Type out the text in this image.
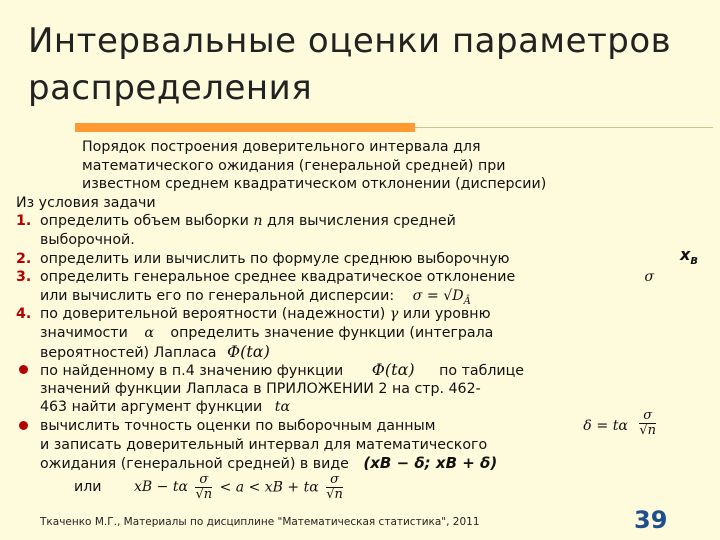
Интервальные оценки параметров
распределения
Порядок построения доверительного интервала для
математического ожидания (генеральной средней) при
известном среднем квадратическом отклонении (дисперсии)
Из условия задачи
1. определить объем выборки n для вычисления средней
выборочной.
2. определить или вычислить по формуле среднюю выборочную	$x_B$
3. определить генеральное среднее квадратическое отклонение	σ
или вычислить его по генеральной дисперсии: $\sigma = √D_Â$
4. по доверительной вероятности (надежности) γ или уровню
значимости α определить значение функции (интеграла
вероятностей) Лапласа Φ(tα)
по найденному в п.4 значению функции Φ(tα) по таблице
значений функции Лапласа в ПРИЛОЖЕНИИ 2 на стр. 462-
463 найти аргумент функции tα
вычислить точность оценки по выборочным данным	δ = tα $\frac{\sigma}{√n}$
и записать доверительный интервал для математического
ожидания (генеральной средней) в виде (xB − δ; xB + δ)
или xB − tα $\frac{\sigma}{√n} < a$ < xB + tα $\frac{\sigma}{√n}$
Ткаченко М.Г., Материалы по дисциплине "Математическая статистика", 2011	39
